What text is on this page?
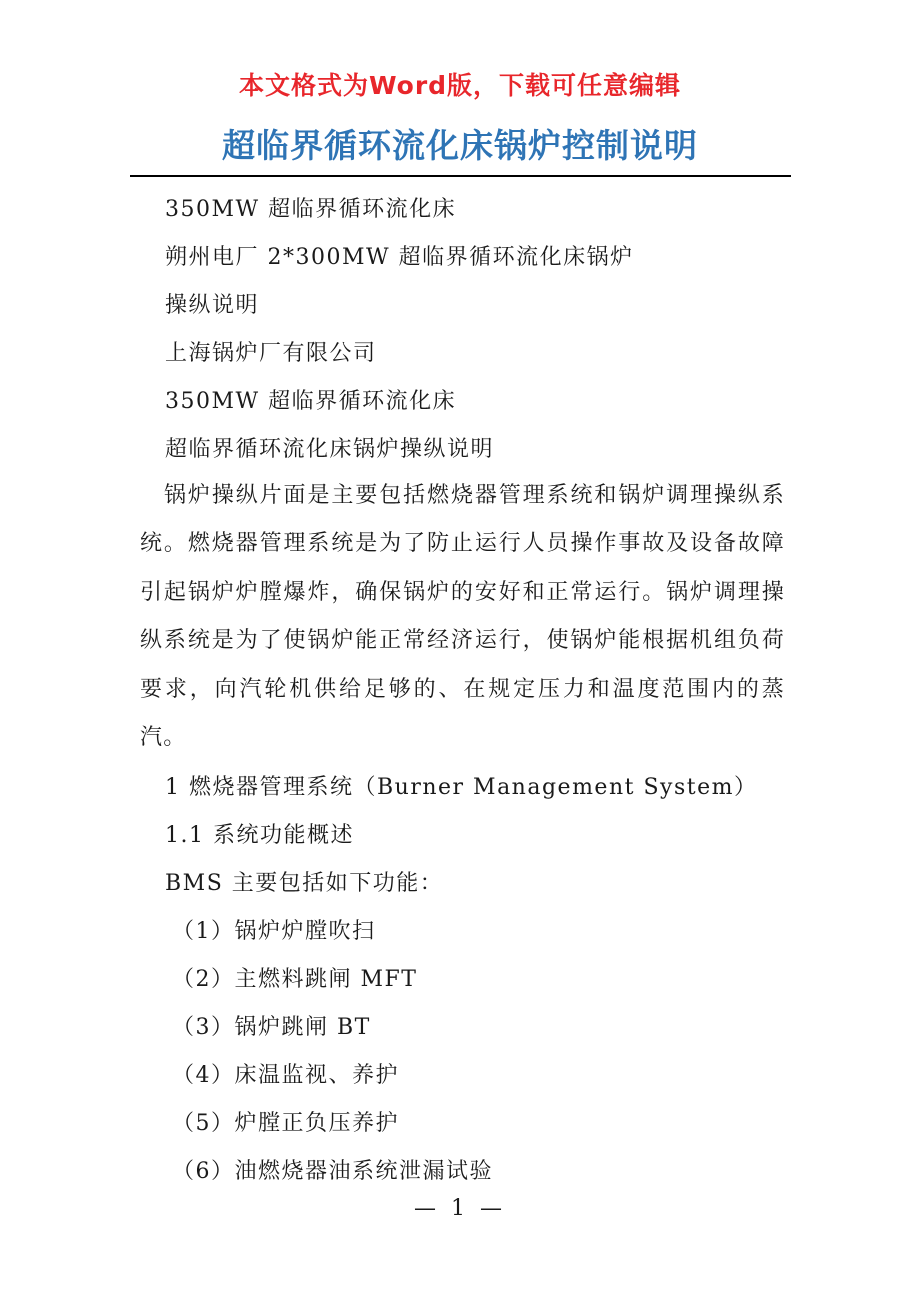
本文格式为Word版，下载可任意编辑
超临界循环流化床锅炉控制说明
350MW 超临界循环流化床
朔州电厂 2*300MW 超临界循环流化床锅炉
操纵说明
上海锅炉厂有限公司
350MW 超临界循环流化床
超临界循环流化床锅炉操纵说明
锅炉操纵片面是主要包括燃烧器管理系统和锅炉调理操纵系统。燃烧器管理系统是为了防止运行人员操作事故及设备故障引起锅炉炉膛爆炸，确保锅炉的安好和正常运行。锅炉调理操纵系统是为了使锅炉能正常经济运行，使锅炉能根据机组负荷要求，向汽轮机供给足够的、在规定压力和温度范围内的蒸汽。
1 燃烧器管理系统（Burner Management System）
1.1 系统功能概述
BMS 主要包括如下功能：
（1）锅炉炉膛吹扫
（2）主燃料跳闸 MFT
（3）锅炉跳闸 BT
（4）床温监视、养护
（5）炉膛正负压养护
（6）油燃烧器油系统泄漏试验
— 1 —
